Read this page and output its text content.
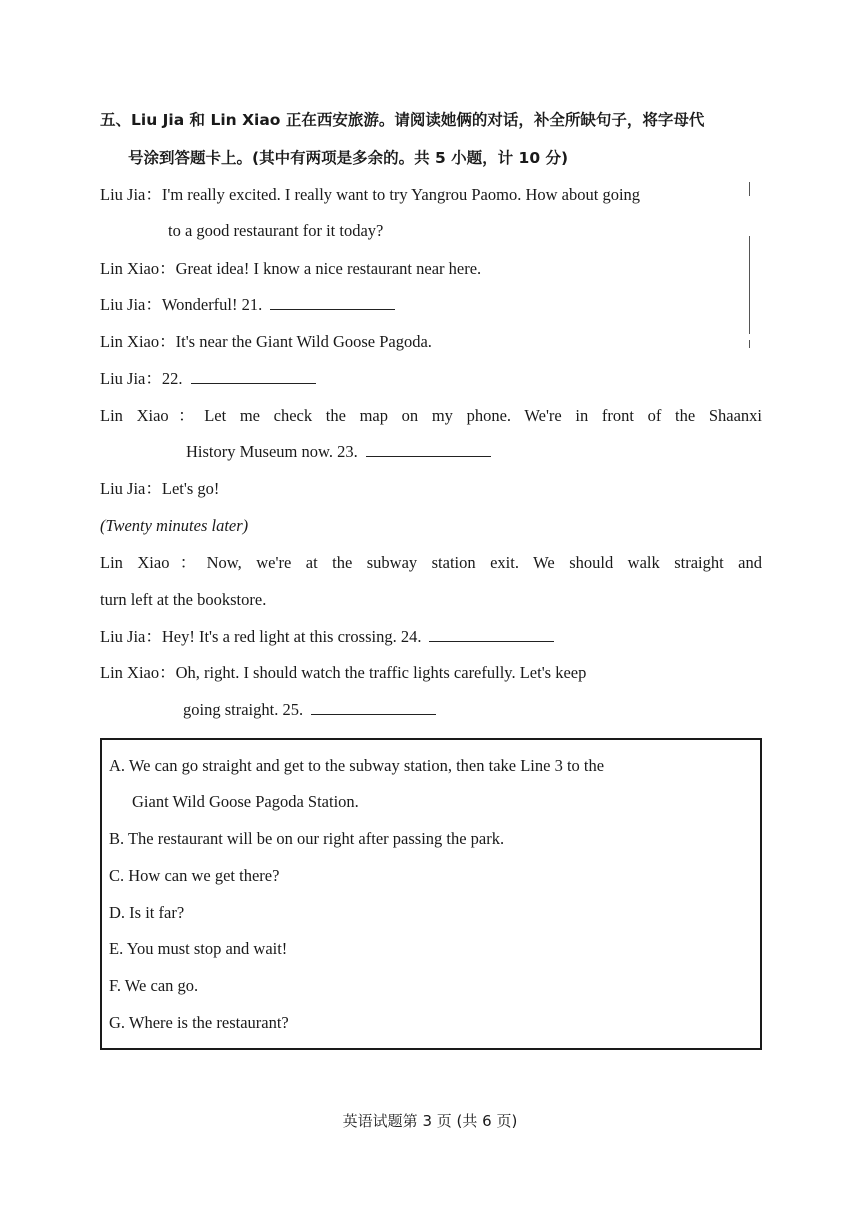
五、Liu Jia 和 Lin Xiao 正在西安旅游。请阅读她俩的对话，补全所缺句子，将字母代
号涂到答题卡上。(其中有两项是多余的。共 5 小题，计 10 分)
Liu Jia：I'm really excited. I really want to try Yangrou Paomo. How about going
to a good restaurant for it today?
Lin Xiao：Great idea! I know a nice restaurant near here.
Liu Jia：Wonderful! 21.
Lin Xiao：It's near the Giant Wild Goose Pagoda.
Liu Jia：22.
Lin Xiao：Let me check the map on my phone. We're in front of the Shaanxi
History Museum now. 23.
Liu Jia：Let's go!
(Twenty minutes later)
Lin Xiao：Now, we're at the subway station exit. We should walk straight and
turn left at the bookstore.
Liu Jia：Hey! It's a red light at this crossing. 24.
Lin Xiao：Oh, right. I should watch the traffic lights carefully. Let's keep
going straight. 25.
A. We can go straight and get to the subway station, then take Line 3 to the
Giant Wild Goose Pagoda Station.
B. The restaurant will be on our right after passing the park.
C. How can we get there?
D. Is it far?
E. You must stop and wait!
F. We can go.
G. Where is the restaurant?
英语试题第 3 页 (共 6 页)
